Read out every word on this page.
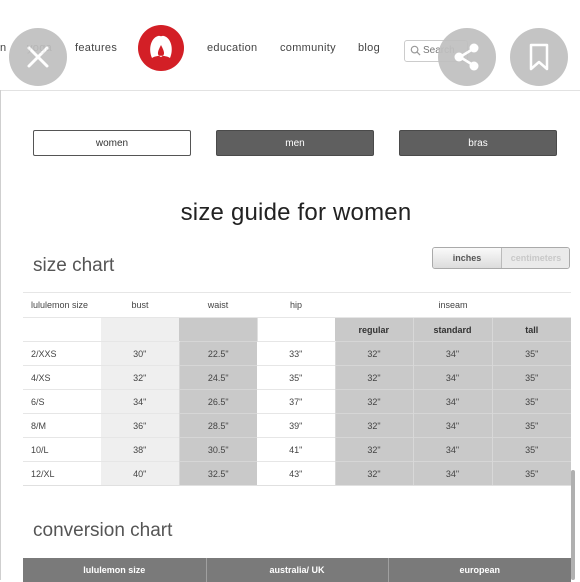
n	features	education community blog
Search
women	men	bras
size guide for women
size chart	inches	centimeters
lululemon size	bust	waist	hip	inseam		
				regular	standard	tall
2/XXS	30"	22.5"	33"	32"	34"	35"
4/XS	32"	24.5"	35"	32"	34"	35"
6/S	34"	26.5"	37"	32"	34"	35"
8/M	36"	28.5"	39"	32"	34"	35"
10/L	38"	30.5"	41"	32"	34"	35"
12/XL	40"	32.5"	43"	32"	34"	35"
conversion chart
lululemon size	australia/ UK	european
